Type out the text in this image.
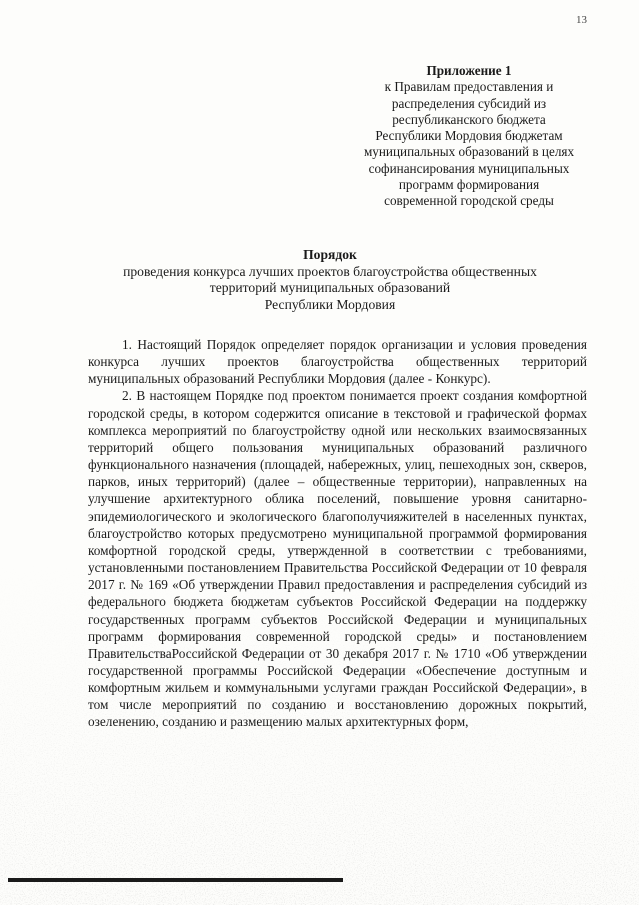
13
Приложение 1
к Правилам предоставления и
распределения субсидий из
республиканского бюджета
Республики Мордовия бюджетам
муниципальных образований в целях
софинансирования муниципальных
программ формирования
современной городской среды
Порядок
проведения конкурса лучших проектов благоустройства общественных
территорий муниципальных образований
Республики Мордовия

1. Настоящий Порядок определяет порядок организации и условия проведения конкурса лучших проектов благоустройства общественных территорий муниципальных образований Республики Мордовия (далее - Конкурс).

2. В настоящем Порядке под проектом понимается проект создания комфортной городской среды, в котором содержится описание в текстовой и графической формах комплекса мероприятий по благоустройству одной или нескольких взаимосвязанных территорий общего пользования муниципальных образований различного функционального назначения (площадей, набережных, улиц, пешеходных зон, скверов, парков, иных территорий) (далее – общественные территории), направленных на улучшение архитектурного облика поселений, повышение уровня санитарно-эпидемиологического и экологического благополучияжителей в населенных пунктах, благоустройство которых предусмотрено муниципальной программой формирования комфортной городской среды, утвержденной в соответствии с требованиями, установленными постановлением Правительства Российской Федерации от 10 февраля 2017 г. № 169 «Об утверждении Правил предоставления и распределения субсидий из федерального бюджета бюджетам субъектов Российской Федерации на поддержку государственных программ субъектов Российской Федерации и муниципальных программ формирования современной городской среды» и постановлением ПравительстваРоссийской Федерации от 30 декабря 2017 г. № 1710 «Об утверждении государственной программы Российской Федерации «Обеспечение доступным и комфортным жильем и коммунальными услугами граждан Российской Федерации», в том числе мероприятий по созданию и восстановлению дорожных покрытий, озеленению, созданию и размещению малых архитектурных форм,
